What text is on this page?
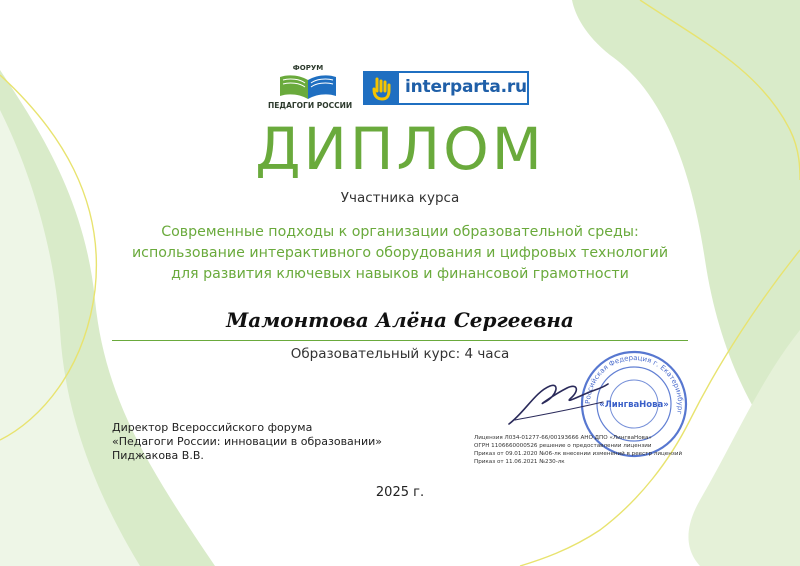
ФОРУМ
ПЕДАГОГИ РОССИИ
interparta.ru
ДИПЛОМ
Участника курса
Современные подходы к организации образовательной среды:
использование интерактивного оборудования и цифровых технологий
для развития ключевых навыков и финансовой грамотности
Мамонтова Алёна Сергеевна
Образовательный курс: 4 часа
Директор Всероссийского форума
«Педагоги России: инновации в образовании»
Пиджакова В.В.
Российская Федерация г. Екатеринбург
«ЛингваНова»
Лицензия Л034-01277-66/00193666 АНО ДПО «ЛингваНова»
ОГРН 1106660000526 решение о предоставлении лицензии
Приказ от 09.01.2020 №06-лк внесении изменений в реестр лицензий
Приказ от 11.06.2021 №230-лк
2025 г.
